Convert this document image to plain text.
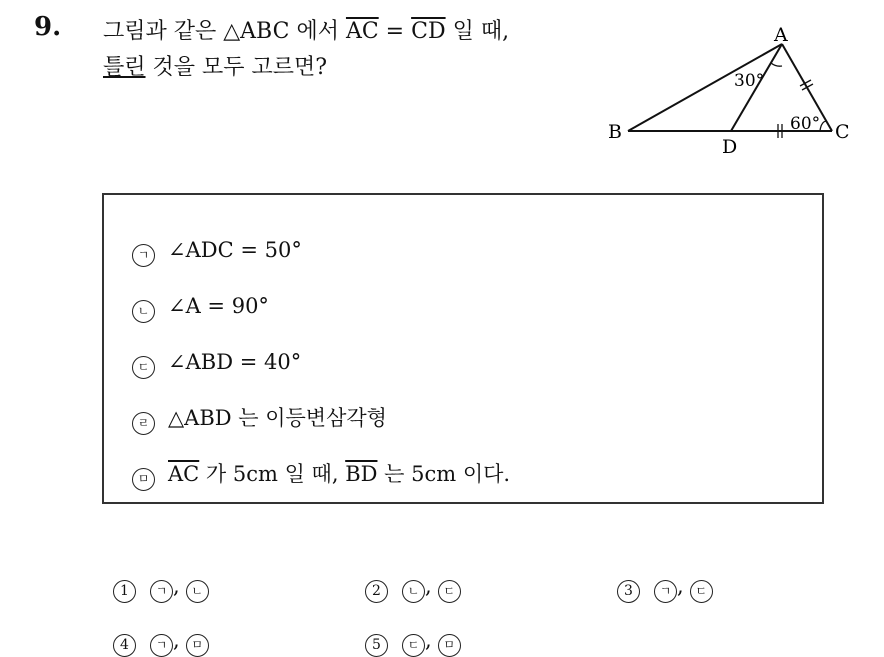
9. 그림과 같은 △ABC 에서 $\overline{AC} = \overline{CD}$ 일 때,
틀린 것을 모두 고르면?
A
B	C
D
30°
60°
ㄱ ∠ADC = 50°
ㄴ ∠A = 90°
ㄷ ∠ABD = 40°
ㄹ △ABD 는 이등변삼각형
ㅁ $\overline{AC}$ 가 5cm 일 때, $\overline{BD}$ 는 5cm 이다.
1 ㄱ , ㄴ	2 ㄴ , ㄷ	3 ㄱ , ㄷ
4 ㄱ , ㅁ	5 ㄷ , ㅁ
